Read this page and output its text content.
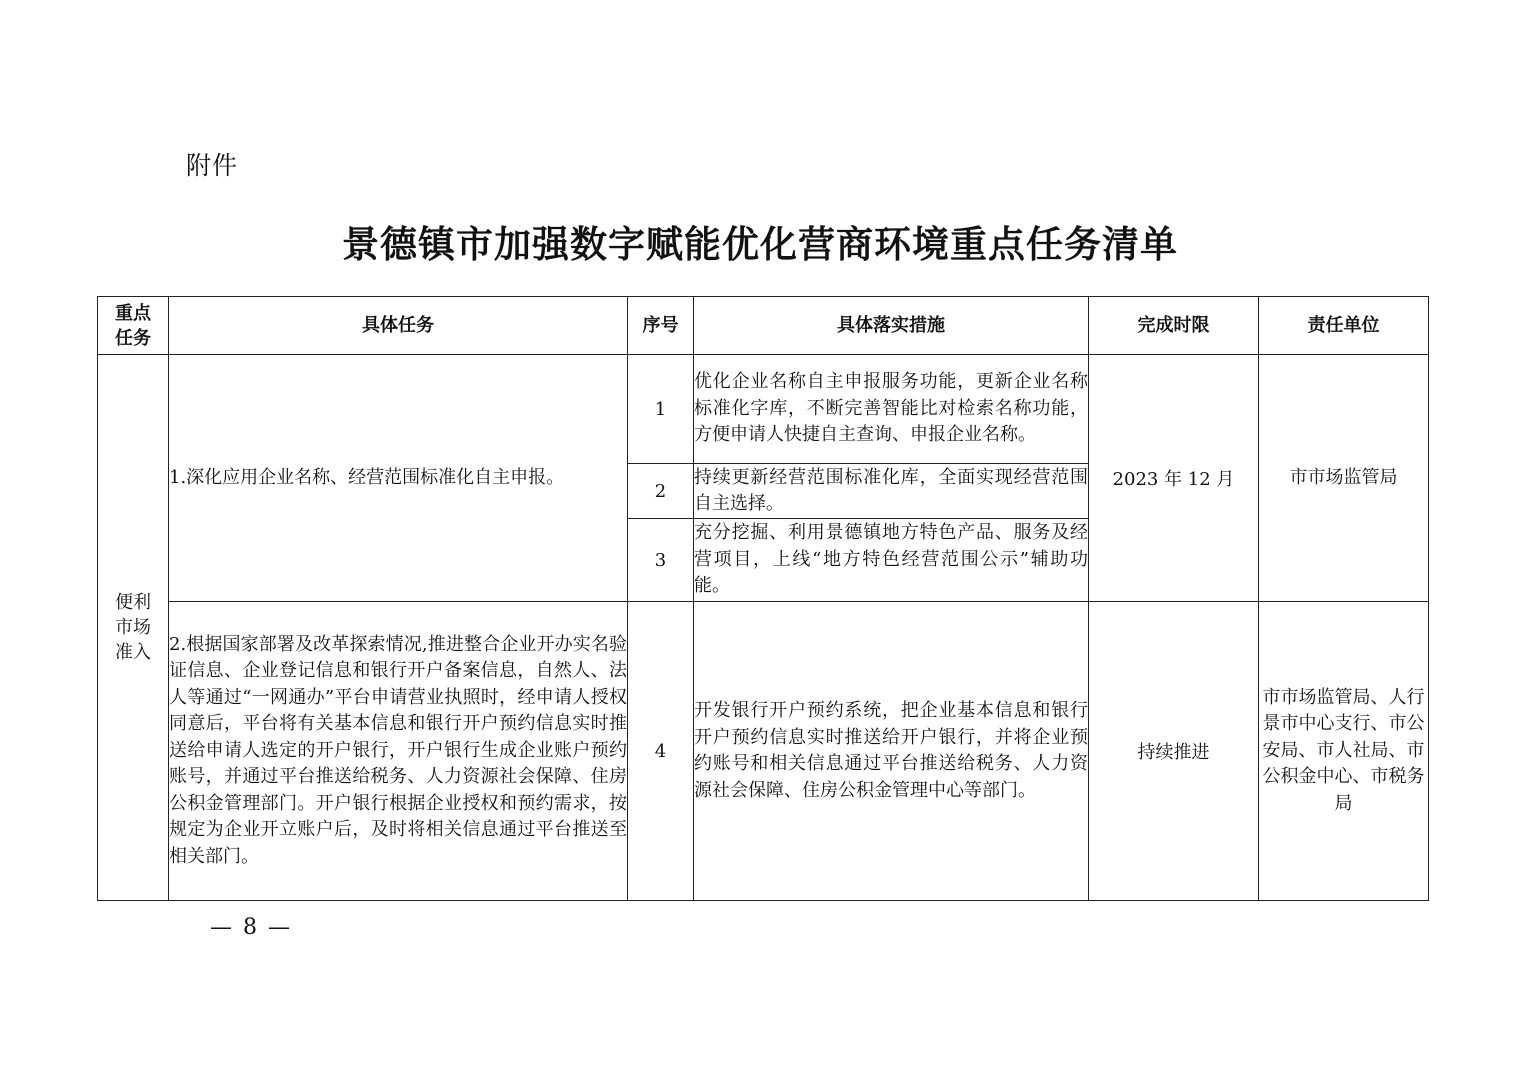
附件
景德镇市加强数字赋能优化营商环境重点任务清单
重点任务	具体任务	序号	具体落实措施	完成时限	责任单位
便利市场准入	1.深化应用企业名称、经营范围标准化自主申报。	1	优化企业名称自主申报服务功能，更新企业名称标准化字库，不断完善智能比对检索名称功能，方便申请人快捷自主查询、申报企业名称。	2023 年 12 月	市市场监管局
		2	持续更新经营范围标准化库，全面实现经营范围自主选择。		
		3	充分挖掘、利用景德镇地方特色产品、服务及经营项目，上线“地方特色经营范围公示”辅助功能。		
	2.根据国家部署及改革探索情况,推进整合企业开办实名验证信息、企业登记信息和银行开户备案信息，自然人、法人等通过“一网通办”平台申请营业执照时，经申请人授权同意后，平台将有关基本信息和银行开户预约信息实时推送给申请人选定的开户银行，开户银行生成企业账户预约账号，并通过平台推送给税务、人力资源社会保障、住房公积金管理部门。开户银行根据企业授权和预约需求，按规定为企业开立账户后，及时将相关信息通过平台推送至相关部门。	4	开发银行开户预约系统，把企业基本信息和银行开户预约信息实时推送给开户银行，并将企业预约账号和相关信息通过平台推送给税务、人力资源社会保障、住房公积金管理中心等部门。	持续推进	市市场监管局、人行景市中心支行、市公安局、市人社局、市公积金中心、市税务局
— 8 —
